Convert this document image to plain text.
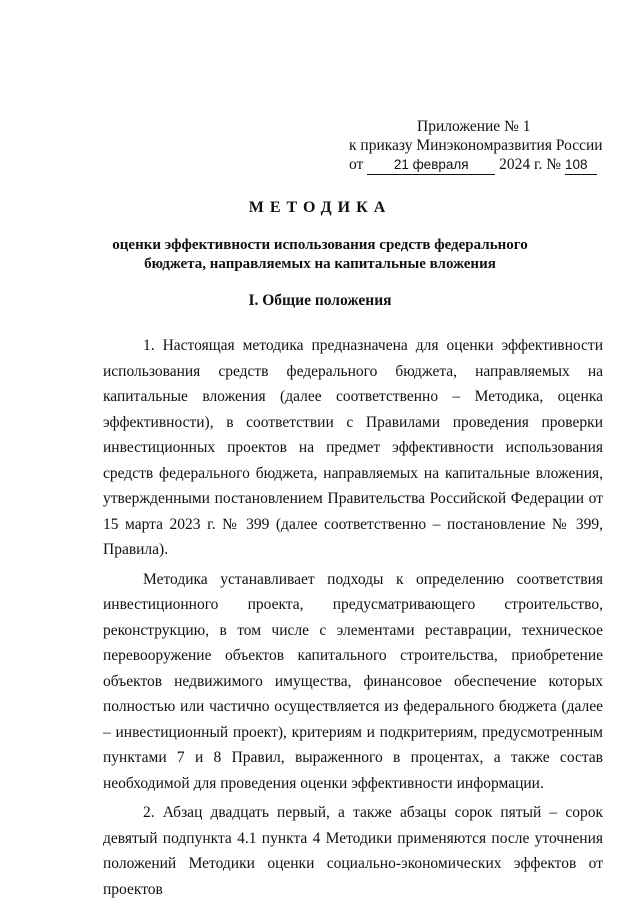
Приложение № 1
к приказу Минэкономразвития России
от 21 февраля 2024 г. № 108
МЕТОДИКА
оценки эффективности использования средств федерального бюджета, направляемых на капитальные вложения
I. Общие положения

1. Настоящая методика предназначена для оценки эффективности использования средств федерального бюджета, направляемых на капитальные вложения (далее соответственно – Методика, оценка эффективности), в соответствии с Правилами проведения проверки инвестиционных проектов на предмет эффективности использования средств федерального бюджета, направляемых на капитальные вложения, утвержденными постановлением Правительства Российской Федерации от 15 марта 2023 г. № 399 (далее соответственно – постановление № 399, Правила).

Методика устанавливает подходы к определению соответствия инвестиционного проекта, предусматривающего строительство, реконструкцию, в том числе с элементами реставрации, техническое перевооружение объектов капитального строительства, приобретение объектов недвижимого имущества, финансовое обеспечение которых полностью или частично осуществляется из федерального бюджета (далее – инвестиционный проект), критериям и подкритериям, предусмотренным пунктами 7 и 8 Правил, выраженного в процентах, а также состав необходимой для проведения оценки эффективности информации.

2. Абзац двадцать первый, а также абзацы сорок пятый – сорок девятый подпункта 4.1 пункта 4 Методики применяются после уточнения положений Методики оценки социально-экономических эффектов от проектов
